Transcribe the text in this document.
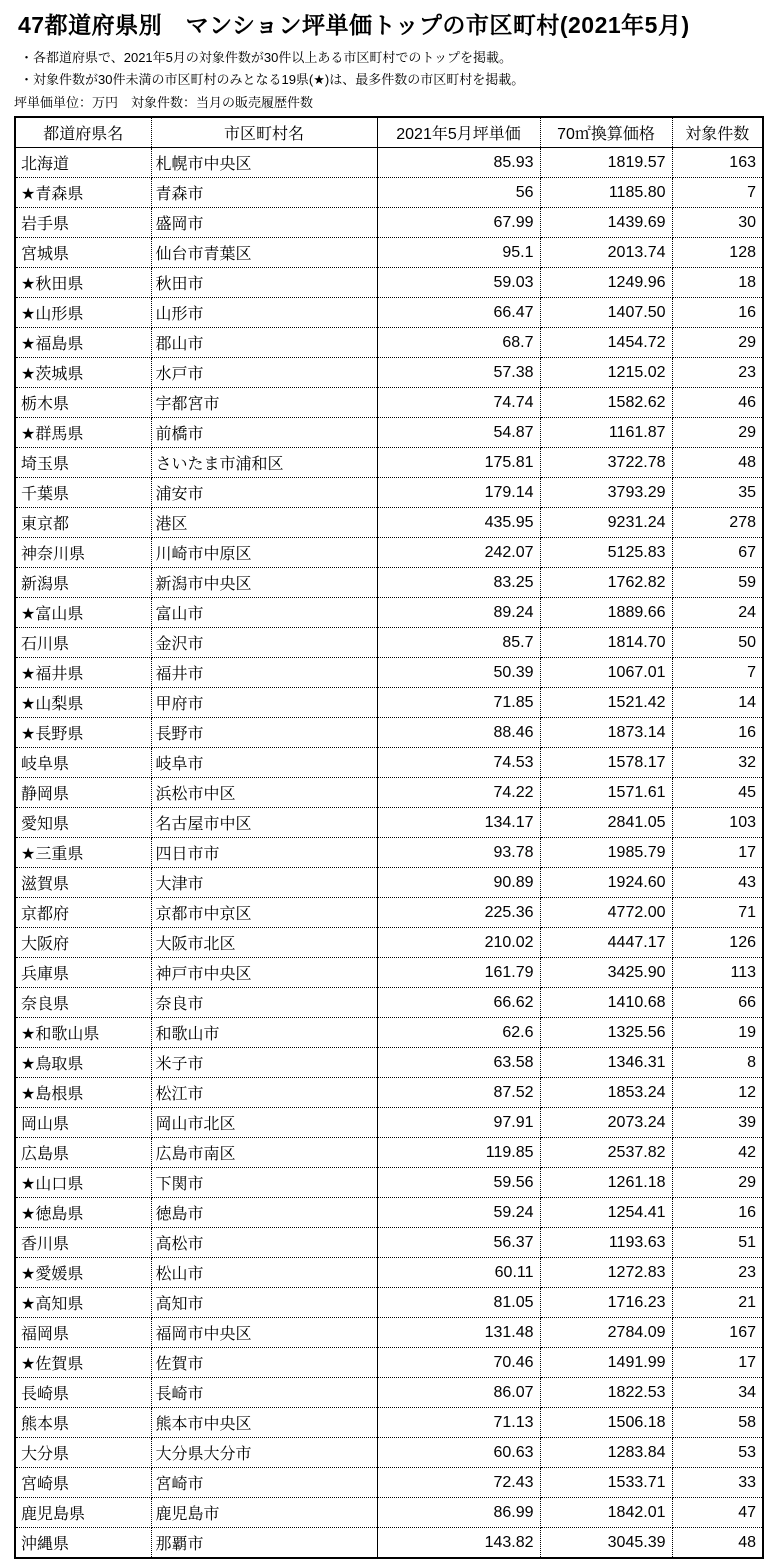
47都道府県別　マンション坪単価トップの市区町村(2021年5月)
・各都道府県で、2021年5月の対象件数が30件以上ある市区町村でのトップを掲載。
・対象件数が30件未満の市区町村のみとなる19県(★)は、最多件数の市区町村を掲載。
坪単価単位：万円　対象件数：当月の販売履歴件数
都道府県名	市区町村名	2021年5月坪単価	70㎡換算価格	対象件数
北海道	札幌市中央区	85.93	1819.57	163
★青森県	青森市	56	1185.80	7
岩手県	盛岡市	67.99	1439.69	30
宮城県	仙台市青葉区	95.1	2013.74	128
★秋田県	秋田市	59.03	1249.96	18
★山形県	山形市	66.47	1407.50	16
★福島県	郡山市	68.7	1454.72	29
★茨城県	水戸市	57.38	1215.02	23
栃木県	宇都宮市	74.74	1582.62	46
★群馬県	前橋市	54.87	1161.87	29
埼玉県	さいたま市浦和区	175.81	3722.78	48
千葉県	浦安市	179.14	3793.29	35
東京都	港区	435.95	9231.24	278
神奈川県	川崎市中原区	242.07	5125.83	67
新潟県	新潟市中央区	83.25	1762.82	59
★富山県	富山市	89.24	1889.66	24
石川県	金沢市	85.7	1814.70	50
★福井県	福井市	50.39	1067.01	7
★山梨県	甲府市	71.85	1521.42	14
★長野県	長野市	88.46	1873.14	16
岐阜県	岐阜市	74.53	1578.17	32
静岡県	浜松市中区	74.22	1571.61	45
愛知県	名古屋市中区	134.17	2841.05	103
★三重県	四日市市	93.78	1985.79	17
滋賀県	大津市	90.89	1924.60	43
京都府	京都市中京区	225.36	4772.00	71
大阪府	大阪市北区	210.02	4447.17	126
兵庫県	神戸市中央区	161.79	3425.90	113
奈良県	奈良市	66.62	1410.68	66
★和歌山県	和歌山市	62.6	1325.56	19
★鳥取県	米子市	63.58	1346.31	8
★島根県	松江市	87.52	1853.24	12
岡山県	岡山市北区	97.91	2073.24	39
広島県	広島市南区	119.85	2537.82	42
★山口県	下関市	59.56	1261.18	29
★徳島県	徳島市	59.24	1254.41	16
香川県	高松市	56.37	1193.63	51
★愛媛県	松山市	60.11	1272.83	23
★高知県	高知市	81.05	1716.23	21
福岡県	福岡市中央区	131.48	2784.09	167
★佐賀県	佐賀市	70.46	1491.99	17
長崎県	長崎市	86.07	1822.53	34
熊本県	熊本市中央区	71.13	1506.18	58
大分県	大分県大分市	60.63	1283.84	53
宮崎県	宮崎市	72.43	1533.71	33
鹿児島県	鹿児島市	86.99	1842.01	47
沖縄県	那覇市	143.82	3045.39	48
